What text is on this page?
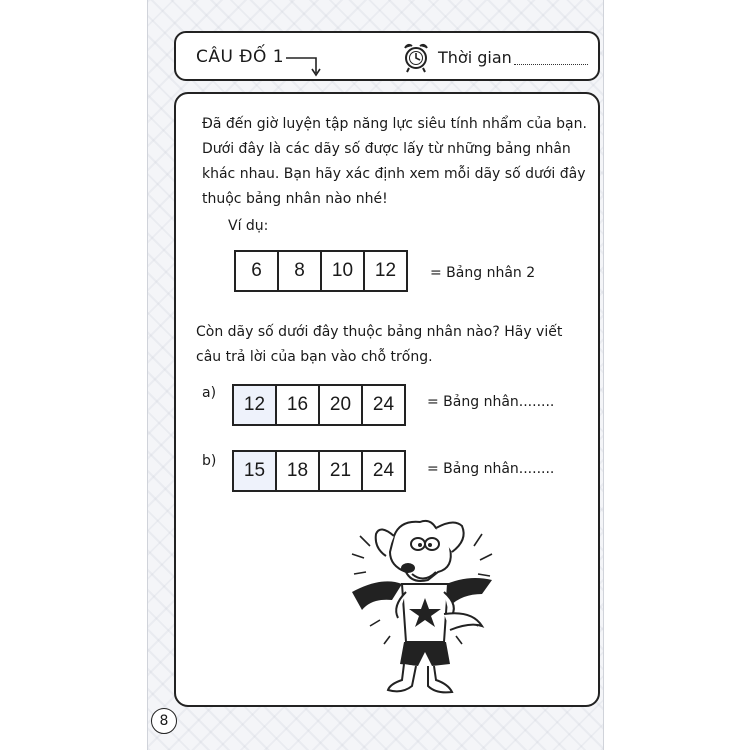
CÂU ĐỐ 1	Thời gian

Đã đến giờ luyện tập năng lực siêu tính nhẩm của bạn.
Dưới đây là các dãy số được lấy từ những bảng nhân
khác nhau. Bạn hãy xác định xem mỗi dãy số dưới đây
thuộc bảng nhân nào nhé!

Ví dụ:
6	8	10	12	= Bảng nhân 2

Còn dãy số dưới đây thuộc bảng nhân nào? Hãy viết
câu trả lời của bạn vào chỗ trống.

a)
12	16	20	24	= Bảng nhân........
b)	15	18	21	24	= Bảng nhân........
8
